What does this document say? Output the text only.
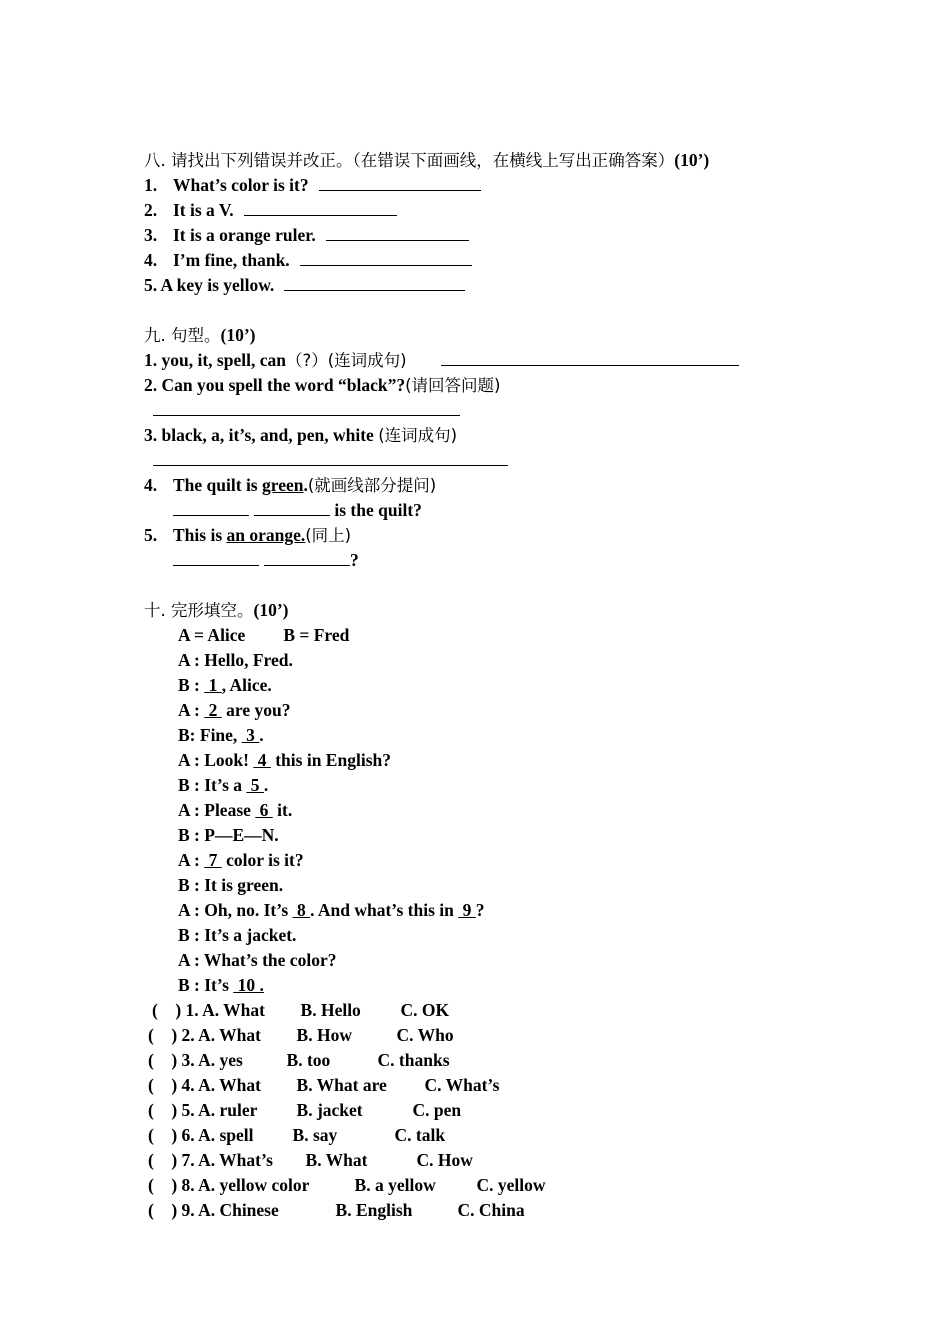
八. 请找出下列错误并改正。（在错误下面画线，在横线上写出正确答案）(10’)
1. What’s color is it?
2. It is a V.
3. It is a orange ruler.
4. I’m fine, thank.
5. A key is yellow.
九. 句型。(10’)
1. you, it, spell, can（?）(连词成句)
2. Can you spell the word “black”?(请回答问题)
3. black, a, it’s, and, pen, white (连词成句)
4. The quilt is green.(就画线部分提问)
is the quilt?
5. This is an orange.(同上)
?
十. 完形填空。(10’)
A = Alice B = Fred
A : Hello, Fred.
B :  1 , Alice.
A :  2  are you?
B: Fine,  3 .
A : Look!  4  this in English?
B : It’s a  5 .
A : Please  6  it.
B : P—E—N.
A :  7  color is it?
B : It is green.
A : Oh, no. It’s  8 . And what’s this in  9 ?
B : It’s a jacket.
A : What’s the color?
B : It’s  10 .
(    ) 1. A. What B. Hello C. OK
(    ) 2. A. What B. How	C. Who
(    ) 3. A. yes	B. too	C. thanks
(    ) 4. A. What B. What are C. What’s
(    ) 5. A. ruler B. jacket	C. pen
(    ) 6. A. spell B. say	C. talk
(    ) 7. A. What’s B. What	C. How
(    ) 8. A. yellow color	B. a yellow C. yellow
(    ) 9. A. Chinese	B. English	C. China
